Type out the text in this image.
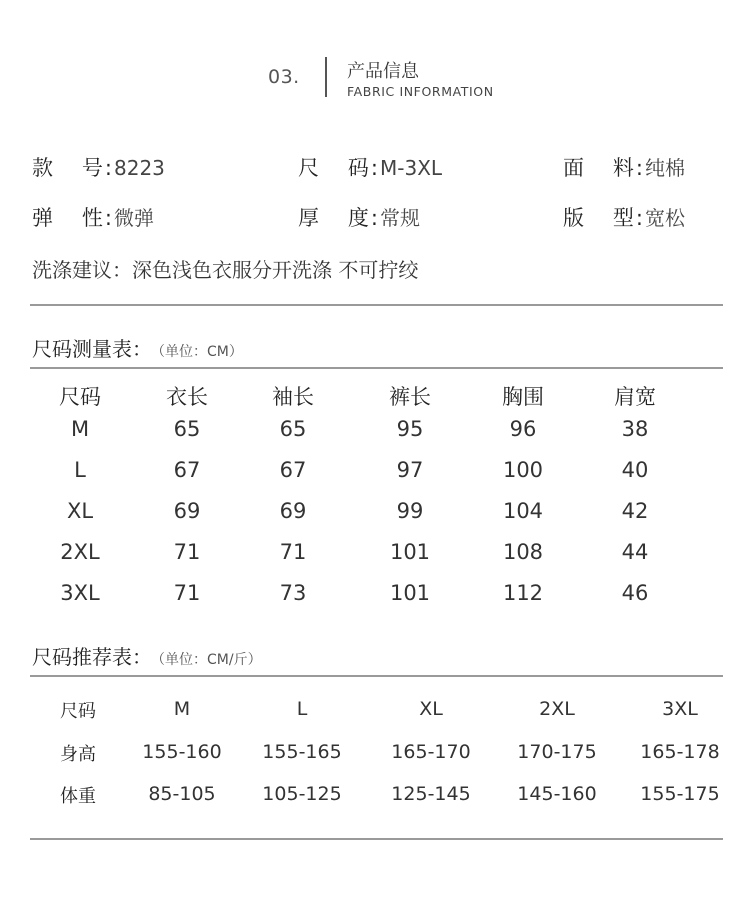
03.	产品信息
FABRIC INFORMATION
款 号: 8223	尺 码: M-3XL	面 料: 纯棉
弹 性: 微弹	厚 度: 常规	版 型: 宽松
洗涤建议：深色浅色衣服分开洗涤 不可拧绞
尺码测量表： （单位：CM）
尺码	衣长	袖长	裤长	胸围	肩宽
M	65	65	95	96	38
L	67	67	97	100	40
XL	69	69	99	104	42
2XL	71	71	101	108	44
3XL	71	73	101	112	46
尺码推荐表： （单位：CM/斤）
尺码	M	L	XL	2XL	3XL
身高 155-160 155-165	165-170 170-175 165-178
体重	85-105 105-125	125-145 145-160 155-175
